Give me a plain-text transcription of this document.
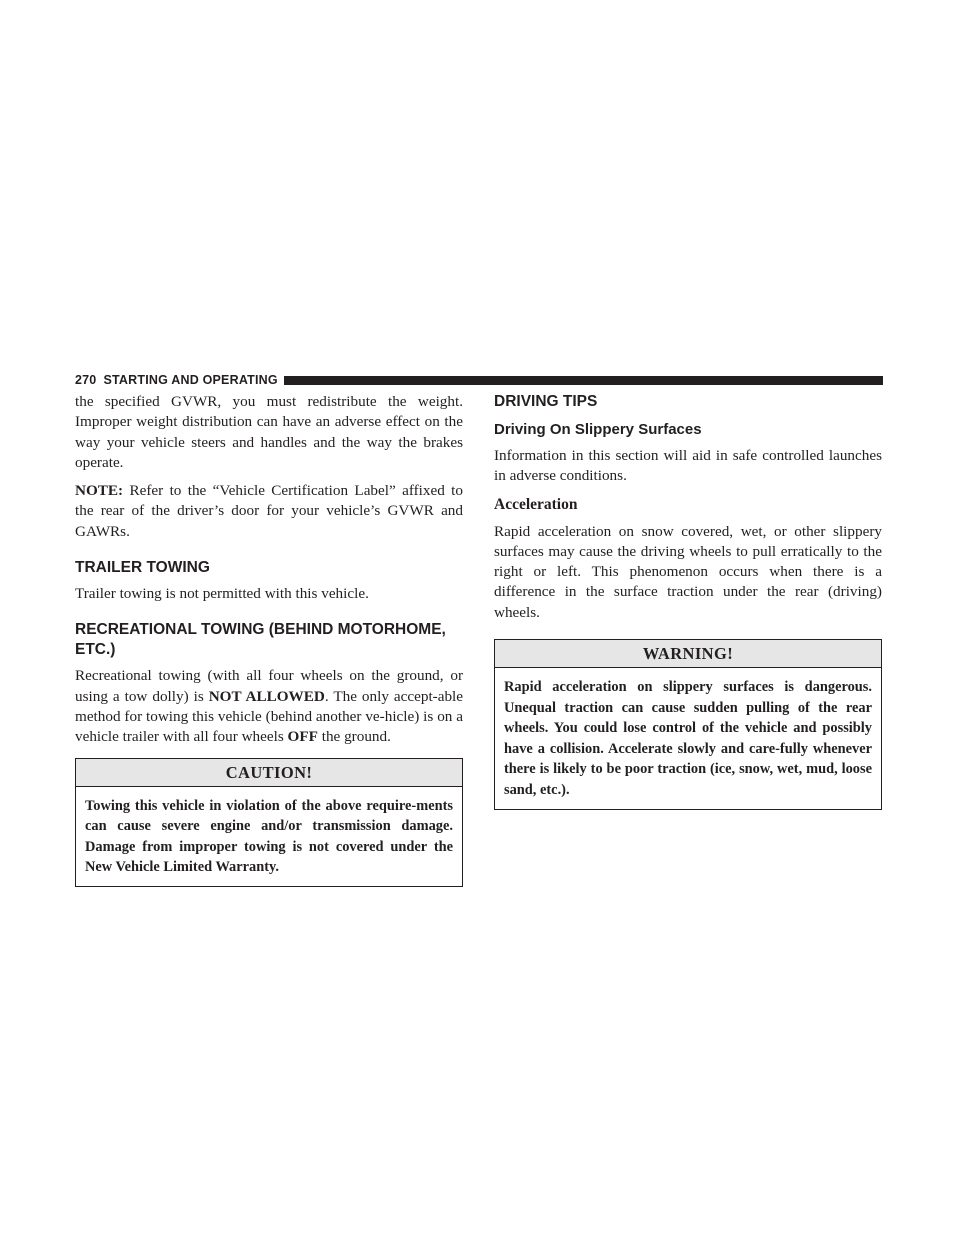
270 STARTING AND OPERATING

the specified GVWR, you must redistribute the weight. Improper weight distribution can have an adverse effect on the way your vehicle steers and handles and the way the brakes operate.

NOTE: Refer to the “Vehicle Certification Label” affixed to the rear of the driver’s door for your vehicle’s GVWR and GAWRs.

TRAILER TOWING

Trailer towing is not permitted with this vehicle.

RECREATIONAL TOWING (BEHIND MOTORHOME, ETC.)

Recreational towing (with all four wheels on the ground, or using a tow dolly) is NOT ALLOWED. The only accept-able method for towing this vehicle (behind another ve-hicle) is on a vehicle trailer with all four wheels OFF the ground.

CAUTION!
Towing this vehicle in violation of the above require-ments can cause severe engine and/or transmission damage. Damage from improper towing is not covered under the New Vehicle Limited Warranty.
DRIVING TIPS
Driving On Slippery Surfaces

Information in this section will aid in safe controlled launches in adverse conditions.

Acceleration

Rapid acceleration on snow covered, wet, or other slippery surfaces may cause the driving wheels to pull erratically to the right or left. This phenomenon occurs when there is a difference in the surface traction under the rear (driving) wheels.

WARNING!
Rapid acceleration on slippery surfaces is dangerous. Unequal traction can cause sudden pulling of the rear wheels. You could lose control of the vehicle and possibly have a collision. Accelerate slowly and care-fully whenever there is likely to be poor traction (ice, snow, wet, mud, loose sand, etc.).
